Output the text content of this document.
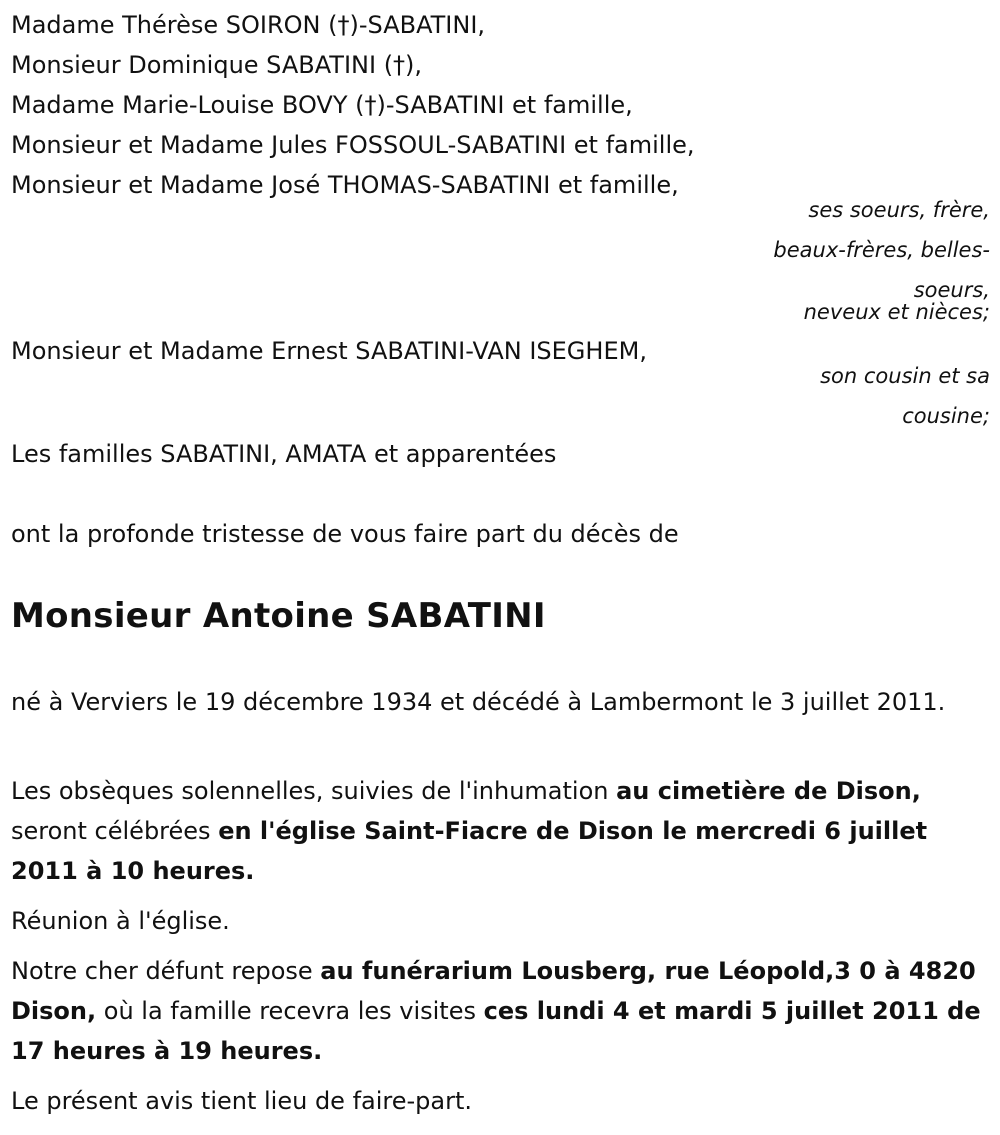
Madame Thérèse SOIRON (†)-SABATINI,
Monsieur Dominique SABATINI (†),
Madame Marie-Louise BOVY (†)-SABATINI et famille,
Monsieur et Madame Jules FOSSOUL-SABATINI et famille,
Monsieur et Madame José THOMAS-SABATINI et famille,
ses soeurs, frère,
beaux-frères, belles-
soeurs,
neveux et nièces;
Monsieur et Madame Ernest SABATINI-VAN ISEGHEM,
son cousin et sa
cousine;
Les familles SABATINI, AMATA et apparentées
ont la profonde tristesse de vous faire part du décès de
Monsieur Antoine SABATINI
né à Verviers le 19 décembre 1934 et décédé à Lambermont le 3 juillet 2011.
Les obsèques solennelles, suivies de l'inhumation au cimetière de Dison, seront célébrées en l'église Saint-Fiacre de Dison le mercredi 6 juillet 2011 à 10 heures.
Réunion à l'église.
Notre cher défunt repose au funérarium Lousberg, rue Léopold,3 0 à 4820 Dison, où la famille recevra les visites ces lundi 4 et mardi 5 juillet 2011 de 17 heures à 19 heures.
Le présent avis tient lieu de faire-part.
